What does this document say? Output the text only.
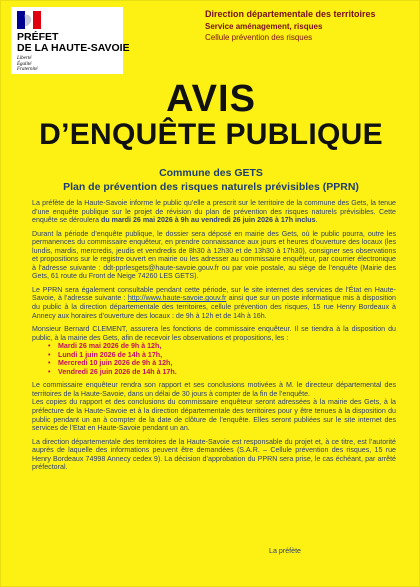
PRÉFET
DE LA HAUTE-SAVOIE
Liberté
Égalité
Fraternité
Direction départementale des territoires
Service aménagement, risques
Cellule prévention des risques
AVIS
D’ENQUÊTE PUBLIQUE
Commune des GETS
Plan de prévention des risques naturels prévisibles (PPRN)

La préfète de la Haute-Savoie informe le public qu’elle a prescrit sur le territoire de la commune des Gets, la tenue d’une enquête publique sur le projet de révision du plan de prévention des risques naturels prévisibles. Cette enquête se déroulera du mardi 26 mai 2026 à 9h au vendredi 26 juin 2026 à 17h inclus.

Durant la période d’enquête publique, le dossier sera déposé en mairie des Gets, où le public pourra, outre les permanences du commissaire enquêteur, en prendre connaissance aux jours et heures d’ouverture des locaux (les lundis, mardis, mercredis, jeudis et vendredis de 8h30 à 12h30 et de 13h30 à 17h30), consigner ses observations et propositions sur le registre ouvert en mairie ou les adresser au commissaire enquêteur, par courrier électronique à l’adresse suivante : ddt-pprlesgets@haute-savoie.gouv.fr ou par voie postale, au siège de l’enquête (Mairie des Gets, 61 route du Front de Neige 74260 LES GETS).

Le PPRN sera également consultable pendant cette période, sur le site internet des services de l’État en Haute-Savoie, à l’adresse suivante : http://www.haute-savoie.gouv.fr ainsi que sur un poste informatique mis à disposition du public à la direction départementale des territoires, cellule prévention des risques, 15 rue Henry Bordeaux à Annecy aux horaires d’ouverture des locaux : de 9h à 12h et de 14h à 16h.

Monsieur Bernard CLEMENT, assurera les fonctions de commissaire enquêteur. Il se tiendra à la disposition du public, à la mairie des Gets, afin de recevoir les observations et propositions, les :

• Mardi 26 mai 2026 de 9h à 12h,
• Lundi 1 juin 2026 de 14h à 17h,
• Mercredi 10 juin 2026 de 9h à 12h,
• Vendredi 26 juin 2026 de 14h à 17h.

Le commissaire enquêteur rendra son rapport et ses conclusions motivées à M. le directeur départemental des territoires de la Haute-Savoie, dans un délai de 30 jours à compter de la fin de l’enquête.

Les copies du rapport et des conclusions du commissaire enquêteur seront adressées à la mairie des Gets, à la préfecture de la Haute-Savoie et à la direction départementale des territoires pour y être tenues à la disposition du public pendant un an à compter de la date de clôture de l’enquête. Elles seront publiées sur le site internet des services de l’Etat en Haute-Savoie pendant un an.

La direction départementale des territoires de la Haute-Savoie est responsable du projet et, à ce titre, est l’autorité auprès de laquelle des informations peuvent être demandées (S.A.R. – Cellule prévention des risques, 15 rue Henry Bordeaux 74998 Annecy cedex 9). La décision d’approbation du PPRN sera prise, le cas échéant, par arrêté préfectoral.

La préfète
